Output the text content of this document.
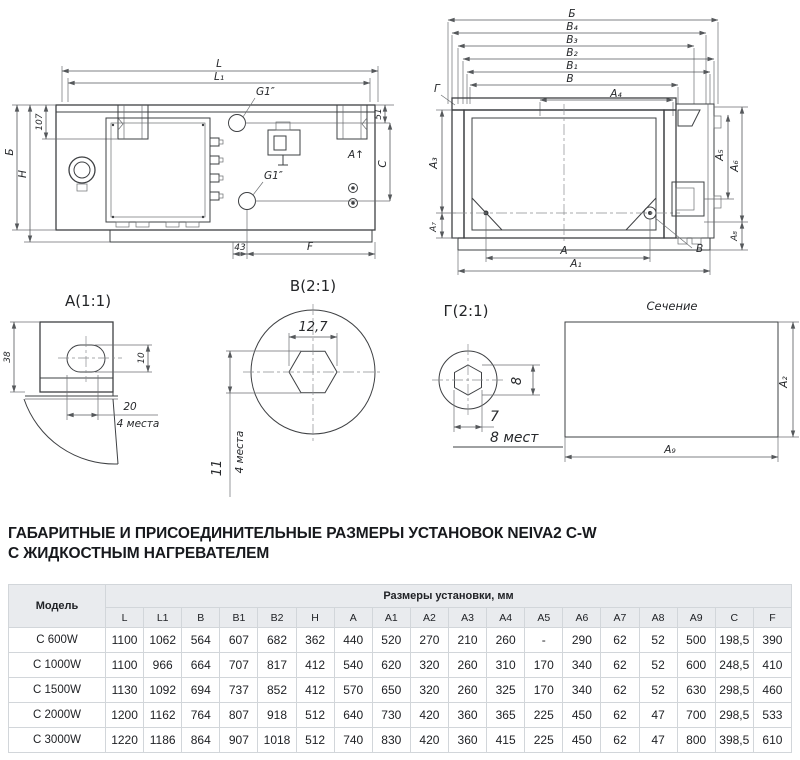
L
L₁
107
Б
H
G1″
G1″
A↑
51
C
43	F
Б
B₄
B₃
B₂
B₁
B
A₄
Г
A₅
A₆
A₈
A₃
A₇
A
A₁
B
А(1:1)
38	10
20
4 места
В(2:1)
12,7
11 4 места
Г(2:1)
8
7
8 мест
Сечение
A₂
A₉
ГАБАРИТНЫЕ И ПРИСОЕДИНИТЕЛЬНЫЕ РАЗМЕРЫ УСТАНОВОК NEIVA2 C-W
С ЖИДКОСТНЫМ НАГРЕВАТЕЛЕМ
Модель	Размеры установки, мм																	
	L	L1	B	B1	B2	H	A	A1	A2	A3	A4	A5	A6	A7	A8	A9	C	F
С 600W	1100	1062	564	607	682	362	440	520	270	210	260	-	290	62	52	500	198,5	390
С 1000W	1100	966	664	707	817	412	540	620	320	260	310	170	340	62	52	600	248,5	410
С 1500W	1130	1092	694	737	852	412	570	650	320	260	325	170	340	62	52	630	298,5	460
С 2000W	1200	1162	764	807	918	512	640	730	420	360	365	225	450	62	47	700	298,5	533
С 3000W	1220	1186	864	907	1018	512	740	830	420	360	415	225	450	62	47	800	398,5	610
